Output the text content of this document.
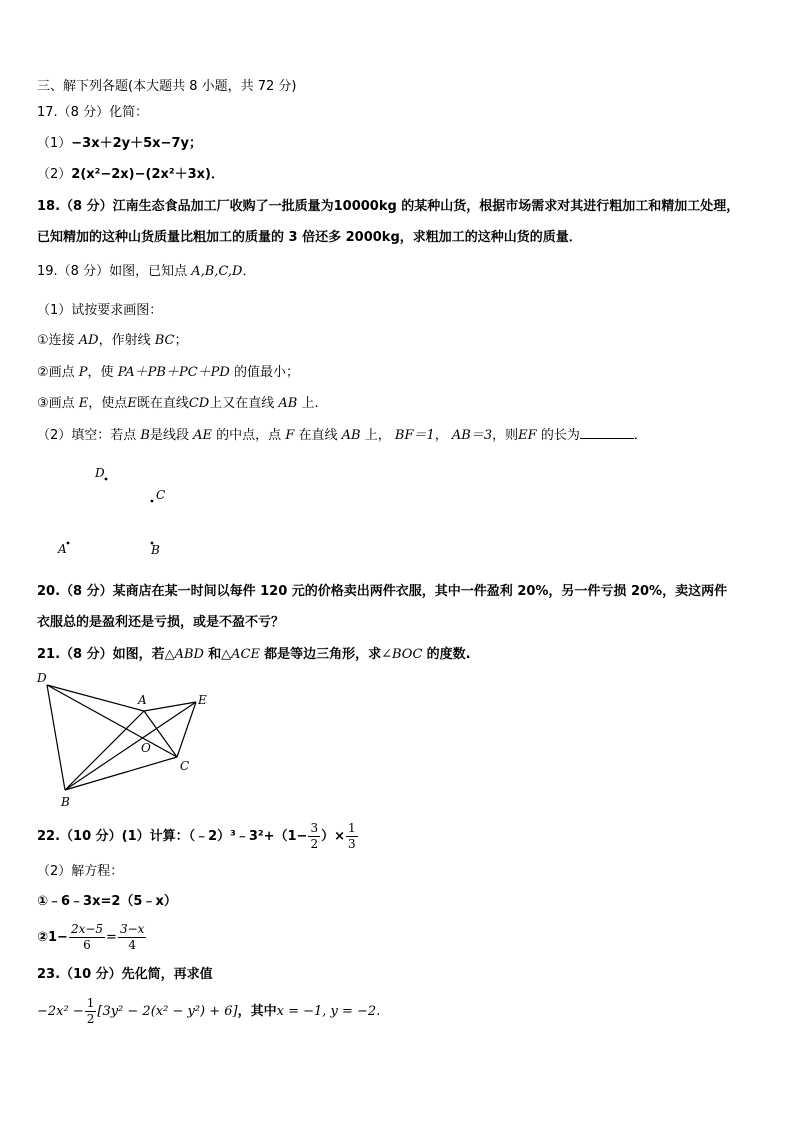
三、解下列各题(本大题共 8 小题，共 72 分)
17.（8 分）化简：
（1）−3x＋2y＋5x−7y；
（2）2(x²−2x)−(2x²＋3x)．
18.（8 分）江南生态食品加工厂收购了一批质量为10000kg 的某种山货，根据市场需求对其进行粗加工和精加工处理，
已知精加的这种山货质量比粗加工的质量的 3 倍还多 2000kg，求粗加工的这种山货的质量．
19.（8 分）如图，已知点 A,B,C,D．
（1）试按要求画图：
①连接 AD，作射线 BC；
②画点 P，使 PA＋PB＋PC＋PD 的值最小；
③画点 E，使点E既在直线CD上又在直线 AB 上.
（2）填空：若点 B是线段 AE 的中点，点 F 在直线 AB 上， BF＝1， AB＝3，则EF 的长为	．
D
C
A	B
20.（8 分）某商店在某一时间以每件 120 元的价格卖出两件衣服，其中一件盈利 20%，另一件亏损 20%，卖这两件
衣服总的是盈利还是亏损，或是不盈不亏？
21.（8 分）如图，若△ABD 和△ACE 都是等边三角形，求∠BOC 的度数.
D
A	E
O
C
B
22.（10 分）(1）计算：（﹣2）³﹣3²+（1− $\frac{3}{2}$ ）× $\frac{1}{3}$
（2）解方程：
①﹣6﹣3x=2（5﹣x）
②1− $\frac{2x-5}{6} = \frac{3-x}{4}$
23.（10 分）先化简，再求值
$-2x^2 - \frac{1}{2} [3y^2 - 2(x^2 - y^2) + 6]$，其中x = −1, y = −2.
